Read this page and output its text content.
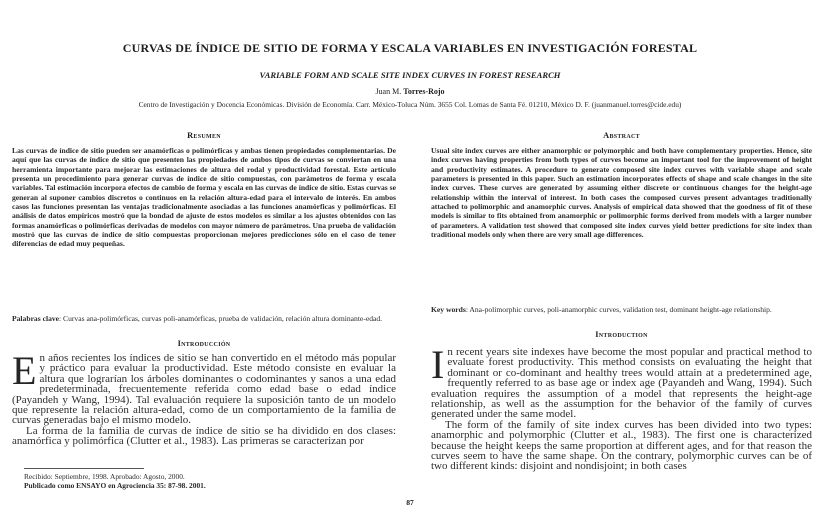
CURVAS DE ÍNDICE DE SITIO DE FORMA Y ESCALA VARIABLES EN INVESTIGACIÓN FORESTAL
VARIABLE FORM AND SCALE SITE INDEX CURVES IN FOREST RESEARCH
Juan M. Torres-Rojo
Centro de Investigación y Docencia Económicas. División de Economía. Carr. México-Toluca Núm. 3655 Col. Lomas de Santa Fé. 01210, México D. F. (juanmanuel.torres@cide.edu)
Resumen
Las curvas de índice de sitio pueden ser anamórficas o polimórficas y ambas tienen propiedades complementarias. De aquí que las curvas de índice de sitio que presenten las propiedades de ambos tipos de curvas se conviertan en una herramienta importante para mejorar las estimaciones de altura del rodal y productividad forestal. Este artículo presenta un procedimiento para generar curvas de índice de sitio compuestas, con parámetros de forma y escala variables. Tal estimación incorpora efectos de cambio de forma y escala en las curvas de índice de sitio. Estas curvas se generan al suponer cambios discretos o continuos en la relación altura-edad para el intervalo de interés. En ambos casos las funciones presentan las ventajas tradicionalmente asociadas a las funciones anamórficas y polimórficas. El análisis de datos empíricos mostró que la bondad de ajuste de estos modelos es similar a los ajustes obtenidos con las formas anamórficas o polimórficas derivadas de modelos con mayor número de parámetros. Una prueba de validación mostró que las curvas de índice de sitio compuestas proporcionan mejores predicciones sólo en el caso de tener diferencias de edad muy pequeñas.
Palabras clave: Curvas ana-polimórficas, curvas poli-anamórficas, prueba de validación, relación altura dominante-edad.
Introducción

En años recientes los índices de sitio se han convertido en el método más popular y práctico para evaluar la productividad. Este método consiste en evaluar la altura que lograrían los árboles dominantes o codominantes y sanos a una edad predeterminada, frecuentemente referida como edad base o edad índice (Payandeh y Wang, 1994). Tal evaluación requiere la suposición tanto de un modelo que represente la relación altura-edad, como de un comportamiento de la familia de curvas generadas bajo el mismo modelo.

La forma de la familia de curvas de índice de sitio se ha dividido en dos clases: anamórfica y polimórfica (Clutter et al., 1983). Las primeras se caracterizan por

Recibido: Septiembre, 1998. Aprobado: Agosto, 2000.
Publicado como ENSAYO en Agrociencia 35: 87-98. 2001.
Abstract
Usual site index curves are either anamorphic or polymorphic and both have complementary properties. Hence, site index curves having properties from both types of curves become an important tool for the improvement of height and productivity estimates. A procedure to generate composed site index curves with variable shape and scale parameters is presented in this paper. Such an estimation incorporates effects of shape and scale changes in the site index curves. These curves are generated by assuming either discrete or continuous changes for the height-age relationship within the interval of interest. In both cases the composed curves present advantages traditionally attached to polimorphic and anamorphic curves. Analysis of empirical data showed that the goodness of fit of these models is similar to fits obtained from anamorphic or polimorphic forms derived from models with a larger number of parameters. A validation test showed that composed site index curves yield better predictions for site index than traditional models only when there are very small age differences.
Key words: Ana-polimorphic curves, poli-anamorphic curves, validation test, dominant height-age relationship.
Introduction

In recent years site indexes have become the most popular and practical method to evaluate forest productivity. This method consists on evaluating the height that dominant or co-dominant and healthy trees would attain at a predetermined age, frequently referred to as base age or index age (Payandeh and Wang, 1994). Such evaluation requires the assumption of a model that represents the height-age relationship, as well as the assumption for the behavior of the family of curves generated under the same model.

The form of the family of site index curves has been divided into two types: anamorphic and polymorphic (Clutter et al., 1983). The first one is characterized because the height keeps the same proportion at different ages, and for that reason the curves seem to have the same shape. On the contrary, polymorphic curves can be of two different kinds: disjoint and nondisjoint; in both cases

87
